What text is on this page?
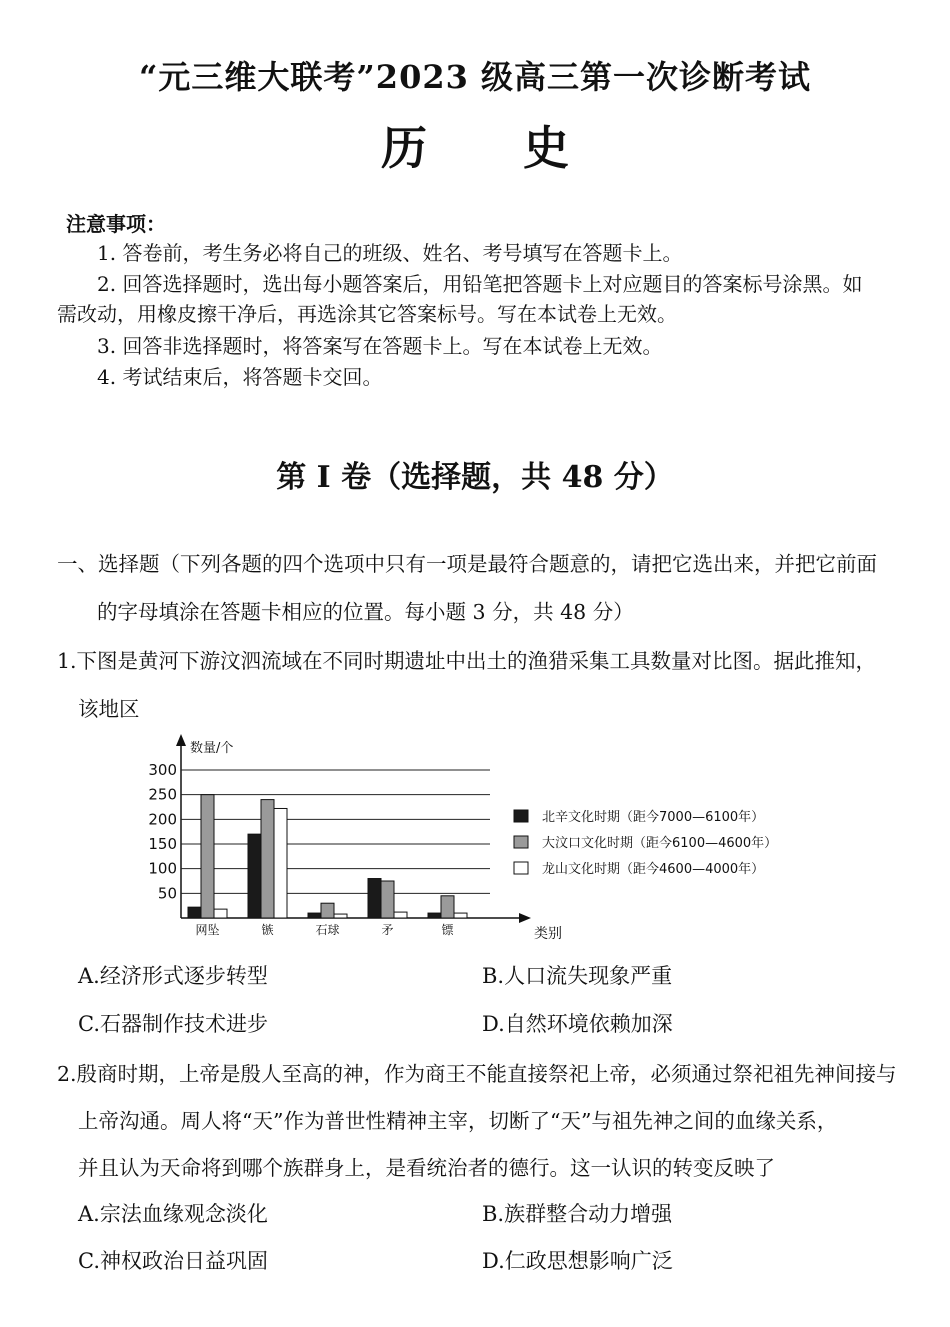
“元三维大联考”2023 级高三第一次诊断考试
历 史
注意事项：
1. 答卷前，考生务必将自己的班级、姓名、考号填写在答题卡上。
2. 回答选择题时，选出每小题答案后，用铅笔把答题卡上对应题目的答案标号涂黑。如
需改动，用橡皮擦干净后，再选涂其它答案标号。写在本试卷上无效。
3. 回答非选择题时，将答案写在答题卡上。写在本试卷上无效。
4. 考试结束后，将答题卡交回。
第 I 卷（选择题，共 48 分）
一、选择题（下列各题的四个选项中只有一项是最符合题意的，请把它选出来，并把它前面
的字母填涂在答题卡相应的位置。每小题 3 分，共 48 分）
1.下图是黄河下游汶泗流域在不同时期遗址中出土的渔猎采集工具数量对比图。据此推知，
该地区
数量/个
类别
50
100
150
200
250
300
网坠	镞	石球	矛	镖
北辛文化时期（距今7000—6100年）
大汶口文化时期（距今6100—4600年）
龙山文化时期（距今4600—4000年）
A.经济形式逐步转型	B.人口流失现象严重
C.石器制作技术进步	D.自然环境依赖加深
2.殷商时期，上帝是殷人至高的神，作为商王不能直接祭祀上帝，必须通过祭祀祖先神间接与
上帝沟通。周人将“天”作为普世性精神主宰，切断了“天”与祖先神之间的血缘关系，
并且认为天命将到哪个族群身上，是看统治者的德行。这一认识的转变反映了
A.宗法血缘观念淡化	B.族群整合动力增强
C.神权政治日益巩固	D.仁政思想影响广泛
